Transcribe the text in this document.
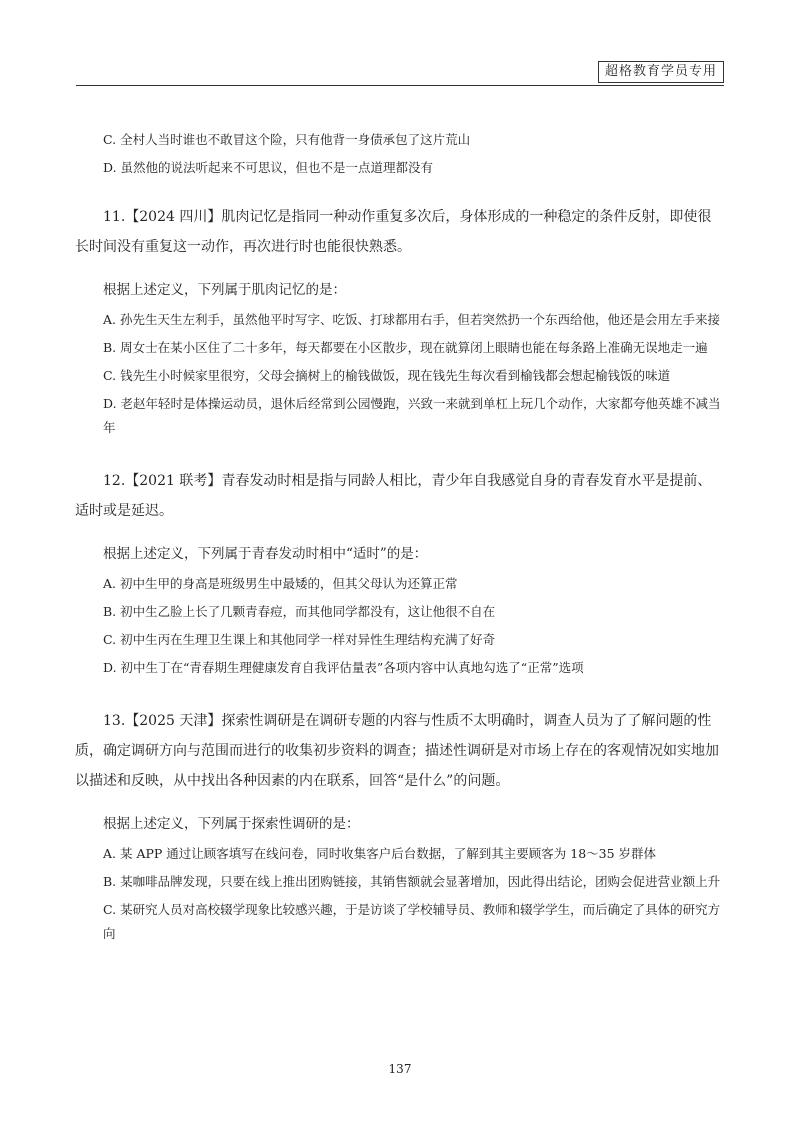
超格教育学员专用

C. 全村人当时谁也不敢冒这个险，只有他背一身债承包了这片荒山

D. 虽然他的说法听起来不可思议，但也不是一点道理都没有

11.【2024 四川】肌肉记忆是指同一种动作重复多次后，身体形成的一种稳定的条件反射，即使很长时间没有重复这一动作，再次进行时也能很快熟悉。

根据上述定义，下列属于肌肉记忆的是：

A. 孙先生天生左利手，虽然他平时写字、吃饭、打球都用右手，但若突然扔一个东西给他，他还是会用左手来接

B. 周女士在某小区住了二十多年，每天都要在小区散步，现在就算闭上眼睛也能在每条路上准确无误地走一遍

C. 钱先生小时候家里很穷，父母会摘树上的榆钱做饭，现在钱先生每次看到榆钱都会想起榆钱饭的味道

D. 老赵年轻时是体操运动员，退休后经常到公园慢跑，兴致一来就到单杠上玩几个动作，大家都夸他英雄不减当年

12.【2021 联考】青春发动时相是指与同龄人相比，青少年自我感觉自身的青春发育水平是提前、适时或是延迟。

根据上述定义，下列属于青春发动时相中“适时”的是：

A. 初中生甲的身高是班级男生中最矮的，但其父母认为还算正常

B. 初中生乙脸上长了几颗青春痘，而其他同学都没有，这让他很不自在

C. 初中生丙在生理卫生课上和其他同学一样对异性生理结构充满了好奇

D. 初中生丁在“青春期生理健康发育自我评估量表”各项内容中认真地勾选了“正常”选项

13.【2025 天津】探索性调研是在调研专题的内容与性质不太明确时，调查人员为了了解问题的性质，确定调研方向与范围而进行的收集初步资料的调查；描述性调研是对市场上存在的客观情况如实地加以描述和反映，从中找出各种因素的内在联系，回答“是什么”的问题。

根据上述定义，下列属于探索性调研的是：

A. 某 APP 通过让顾客填写在线问卷，同时收集客户后台数据，了解到其主要顾客为 18～35 岁群体

B. 某咖啡品牌发现，只要在线上推出团购链接，其销售额就会显著增加，因此得出结论，团购会促进营业额上升

C. 某研究人员对高校辍学现象比较感兴趣，于是访谈了学校辅导员、教师和辍学学生，而后确定了具体的研究方向

137
